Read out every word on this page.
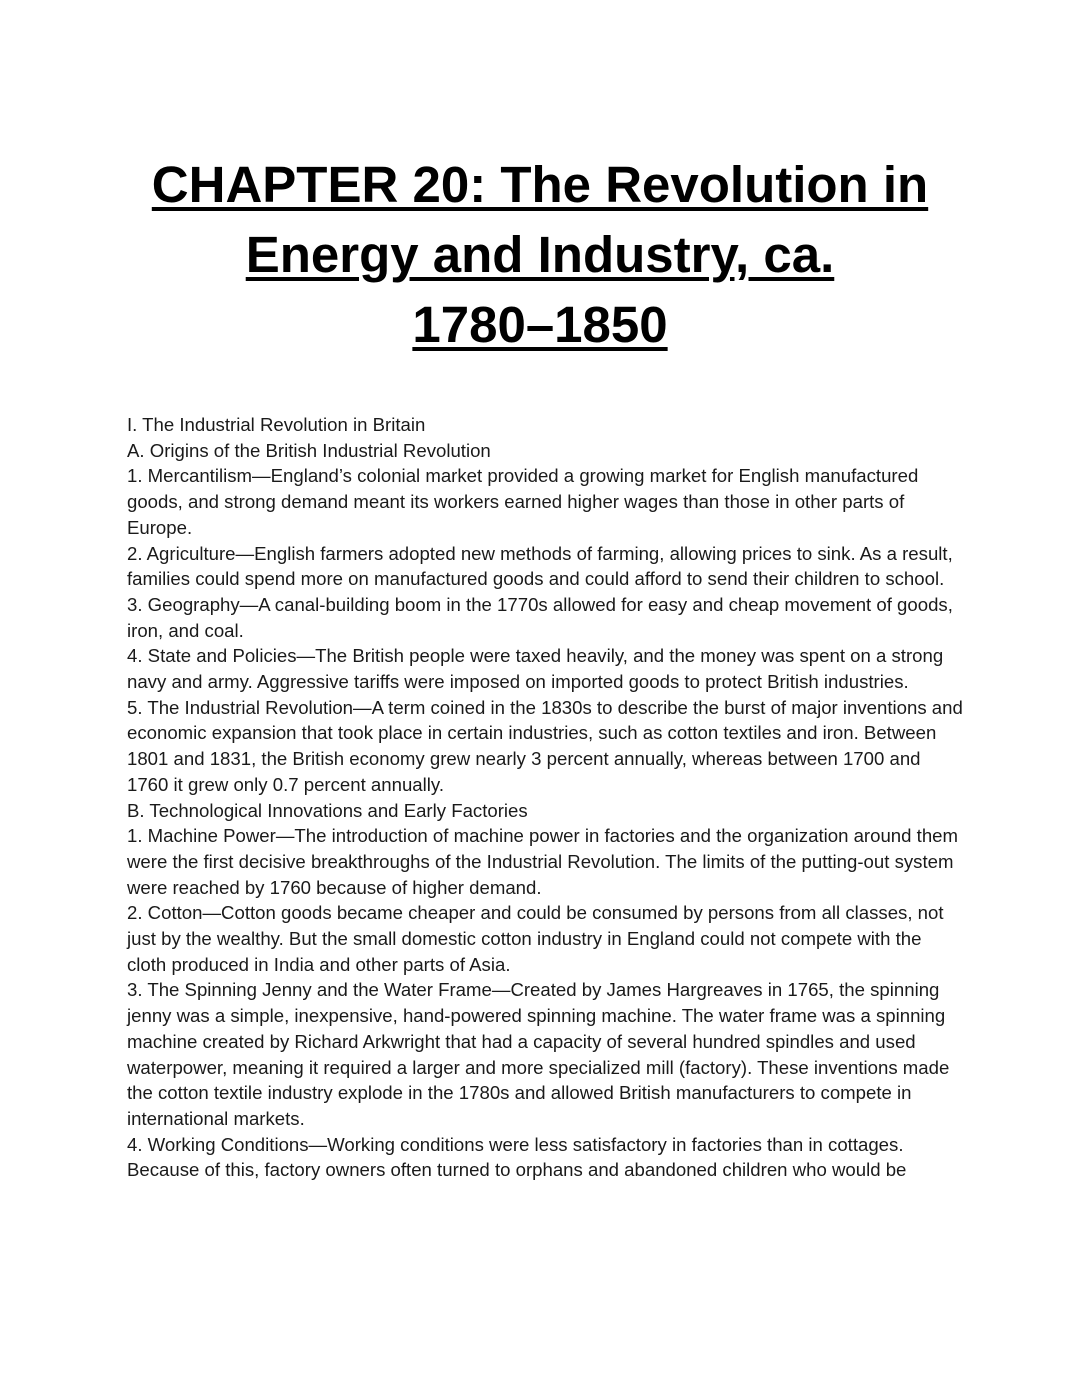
CHAPTER 20: The Revolution in
Energy and Industry, ca.
1780–1850

I. The Industrial Revolution in Britain

A. Origins of the British Industrial Revolution

1. Mercantilism—England’s colonial market provided a growing market for English manufactured goods, and strong demand meant its workers earned higher wages than those in other parts of Europe.

2. Agriculture—English farmers adopted new methods of farming, allowing prices to sink. As a result, families could spend more on manufactured goods and could afford to send their children to school.

3. Geography—A canal-building boom in the 1770s allowed for easy and cheap movement of goods, iron, and coal.

4. State and Policies—The British people were taxed heavily, and the money was spent on a strong navy and army. Aggressive tariffs were imposed on imported goods to protect British industries.

5. The Industrial Revolution—A term coined in the 1830s to describe the burst of major inventions and economic expansion that took place in certain industries, such as cotton textiles and iron. Between 1801 and 1831, the British economy grew nearly 3 percent annually, whereas between 1700 and 1760 it grew only 0.7 percent annually.

B. Technological Innovations and Early Factories

1. Machine Power—The introduction of machine power in factories and the organization around them were the first decisive breakthroughs of the Industrial Revolution. The limits of the putting-out system were reached by 1760 because of higher demand.

2. Cotton—Cotton goods became cheaper and could be consumed by persons from all classes, not just by the wealthy. But the small domestic cotton industry in England could not compete with the cloth produced in India and other parts of Asia.

3. The Spinning Jenny and the Water Frame—Created by James Hargreaves in 1765, the spinning jenny was a simple, inexpensive, hand-powered spinning machine. The water frame was a spinning machine created by Richard Arkwright that had a capacity of several hundred spindles and used waterpower, meaning it required a larger and more specialized mill (factory). These inventions made the cotton textile industry explode in the 1780s and allowed British manufacturers to compete in international markets.

4. Working Conditions—Working conditions were less satisfactory in factories than in cottages. Because of this, factory owners often turned to orphans and abandoned children who would be
